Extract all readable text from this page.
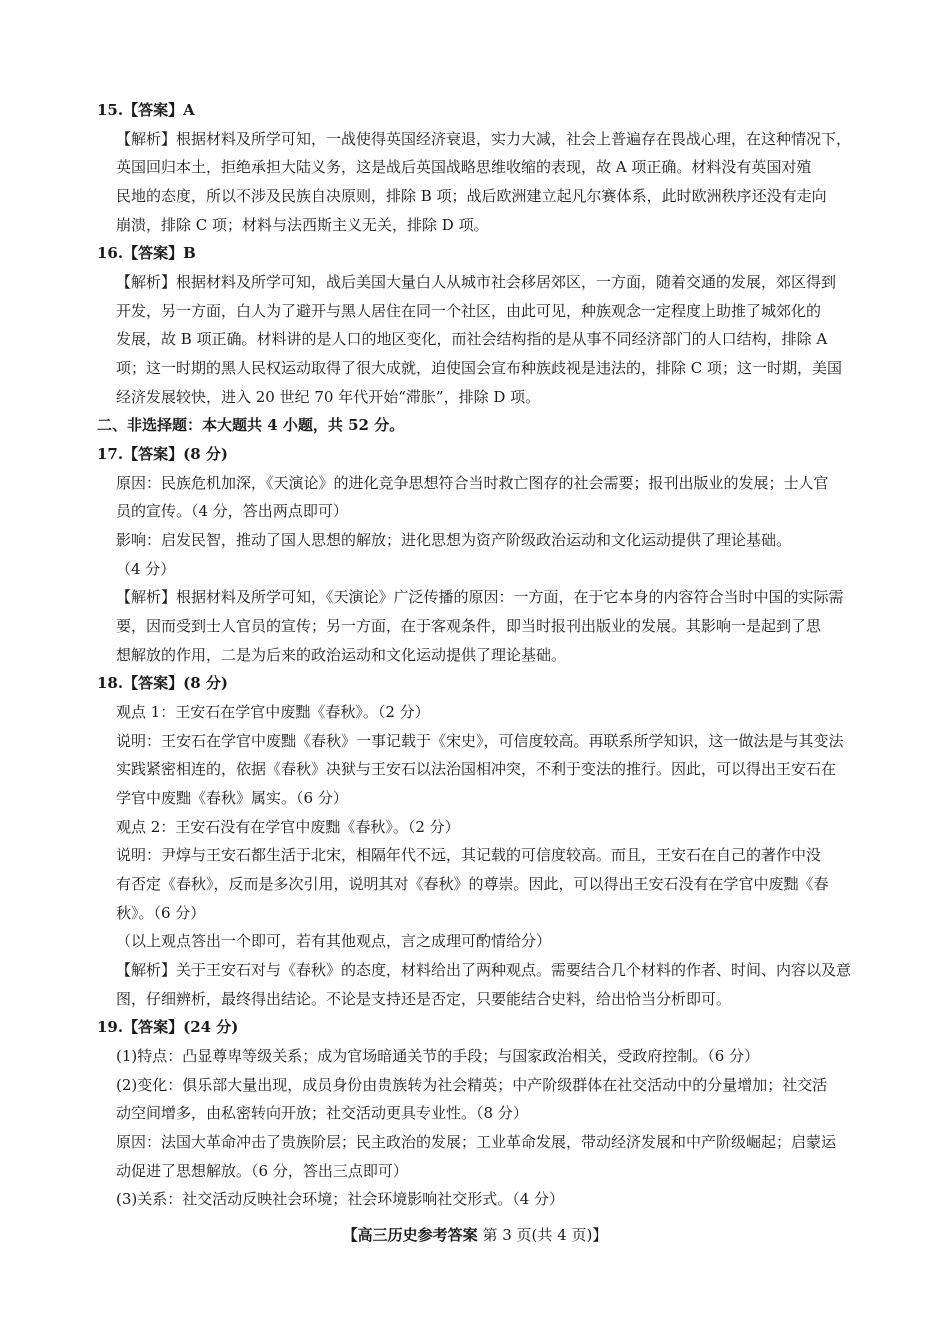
15.【答案】A
【解析】根据材料及所学可知，一战使得英国经济衰退，实力大减，社会上普遍存在畏战心理，在这种情况下，
英国回归本土，拒绝承担大陆义务，这是战后英国战略思维收缩的表现，故 A 项正确。材料没有英国对殖
民地的态度，所以不涉及民族自决原则，排除 B 项；战后欧洲建立起凡尔赛体系，此时欧洲秩序还没有走向
崩溃，排除 C 项；材料与法西斯主义无关，排除 D 项。
16.【答案】B
【解析】根据材料及所学可知，战后美国大量白人从城市社会移居郊区，一方面，随着交通的发展，郊区得到
开发，另一方面，白人为了避开与黑人居住在同一个社区，由此可见，种族观念一定程度上助推了城郊化的
发展，故 B 项正确。材料讲的是人口的地区变化，而社会结构指的是从事不同经济部门的人口结构，排除 A
项；这一时期的黑人民权运动取得了很大成就，迫使国会宣布种族歧视是违法的，排除 C 项；这一时期，美国
经济发展较快，进入 20 世纪 70 年代开始“滞胀”，排除 D 项。
二、非选择题：本大题共 4 小题，共 52 分。
17.【答案】(8 分)
原因：民族危机加深，《天演论》的进化竞争思想符合当时救亡图存的社会需要；报刊出版业的发展；士人官
员的宣传。（4 分，答出两点即可）
影响：启发民智，推动了国人思想的解放；进化思想为资产阶级政治运动和文化运动提供了理论基础。
（4 分）
【解析】根据材料及所学可知，《天演论》广泛传播的原因：一方面，在于它本身的内容符合当时中国的实际需
要，因而受到士人官员的宣传；另一方面，在于客观条件，即当时报刊出版业的发展。其影响一是起到了思
想解放的作用，二是为后来的政治运动和文化运动提供了理论基础。
18.【答案】(8 分)
观点 1：王安石在学官中废黜《春秋》。（2 分）
说明：王安石在学官中废黜《春秋》一事记载于《宋史》，可信度较高。再联系所学知识，这一做法是与其变法
实践紧密相连的，依据《春秋》决狱与王安石以法治国相冲突，不利于变法的推行。因此，可以得出王安石在
学官中废黜《春秋》属实。（6 分）
观点 2：王安石没有在学官中废黜《春秋》。（2 分）
说明：尹焞与王安石都生活于北宋，相隔年代不远，其记载的可信度较高。而且，王安石在自己的著作中没
有否定《春秋》，反而是多次引用，说明其对《春秋》的尊崇。因此，可以得出王安石没有在学官中废黜《春
秋》。（6 分）
（以上观点答出一个即可，若有其他观点，言之成理可酌情给分）
【解析】关于王安石对与《春秋》的态度，材料给出了两种观点。需要结合几个材料的作者、时间、内容以及意
图，仔细辨析，最终得出结论。不论是支持还是否定，只要能结合史料，给出恰当分析即可。
19.【答案】(24 分)
(1)特点：凸显尊卑等级关系；成为官场暗通关节的手段；与国家政治相关，受政府控制。（6 分）
(2)变化：俱乐部大量出现，成员身份由贵族转为社会精英；中产阶级群体在社交活动中的分量增加；社交活
动空间增多，由私密转向开放；社交活动更具专业性。（8 分）
原因：法国大革命冲击了贵族阶层；民主政治的发展；工业革命发展，带动经济发展和中产阶级崛起；启蒙运
动促进了思想解放。（6 分，答出三点即可）
(3)关系：社交活动反映社会环境；社会环境影响社交形式。（4 分）
【高三历史参考答案 第 3 页(共 4 页)】
